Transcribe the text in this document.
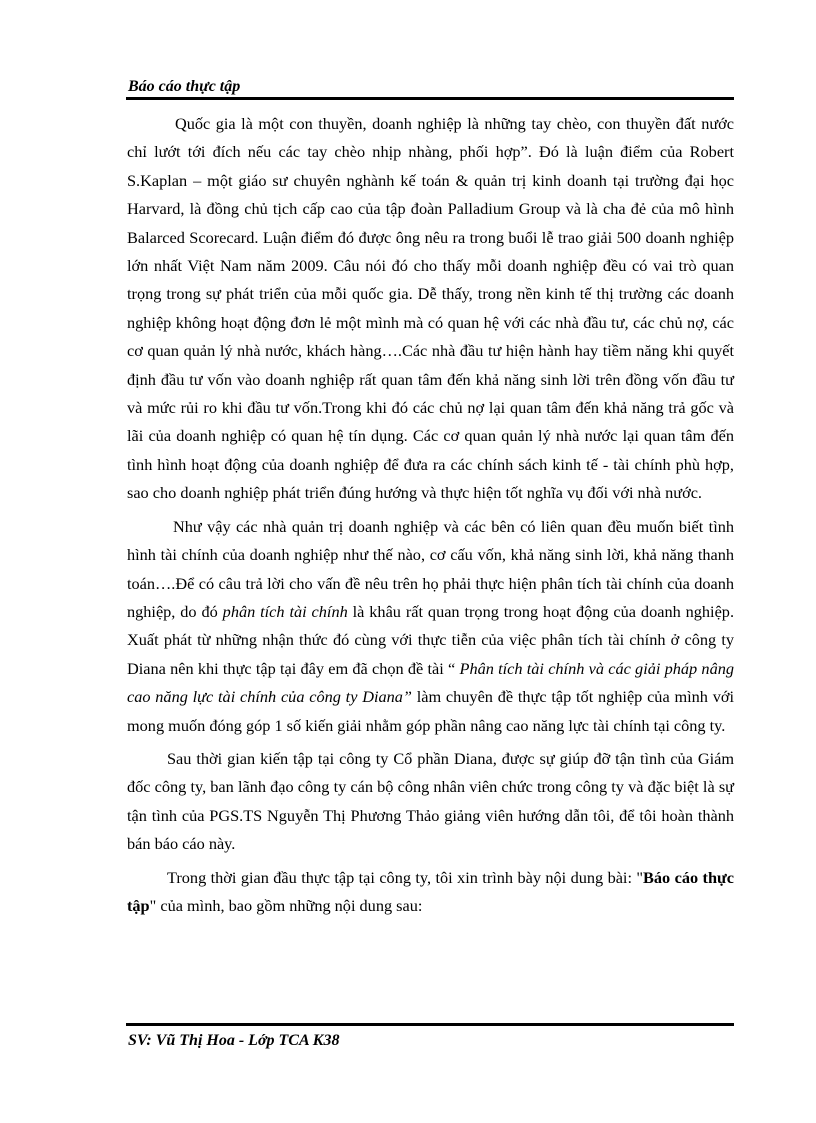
Báo cáo thực tập

Quốc gia là một con thuyền, doanh nghiệp là những tay chèo, con thuyền đất nước chỉ lướt tới đích nếu các tay chèo nhịp nhàng, phối hợp”. Đó là luận điểm của Robert S.Kaplan – một giáo sư chuyên nghành kế toán & quản trị kinh doanh tại trường đại học Harvard, là đồng chủ tịch cấp cao của tập đoàn Palladium Group và là cha đẻ của mô hình Balarced Scorecard. Luận điểm đó được ông nêu ra trong buổi lễ trao giải 500 doanh nghiệp lớn nhất Việt Nam năm 2009. Câu nói đó cho thấy mỗi doanh nghiệp đều có vai trò quan trọng trong sự phát triển của mỗi quốc gia. Dễ thấy, trong nền kinh tế thị trường các doanh nghiệp không hoạt động đơn lẻ một mình mà có quan hệ với các nhà đầu tư, các chủ nợ, các cơ quan quản lý nhà nước, khách hàng….Các nhà đầu tư hiện hành hay tiềm năng khi quyết định đầu tư vốn vào doanh nghiệp rất quan tâm đến khả năng sinh lời trên đồng vốn đầu tư và mức rủi ro khi đầu tư vốn.Trong khi đó các chủ nợ lại quan tâm đến khả năng trả gốc và lãi của doanh nghiệp có quan hệ tín dụng. Các cơ quan quản lý nhà nước lại quan tâm đến tình hình hoạt động của doanh nghiệp để đưa ra các chính sách kinh tế - tài chính phù hợp, sao cho doanh nghiệp phát triển đúng hướng và thực hiện tốt nghĩa vụ đối với nhà nước.

Như vậy các nhà quản trị doanh nghiệp và các bên có liên quan đều muốn biết tình hình tài chính của doanh nghiệp như thế nào, cơ cấu vốn, khả năng sinh lời, khả năng thanh toán….Để có câu trả lời cho vấn đề nêu trên họ phải thực hiện phân tích tài chính của doanh nghiệp, do đó phân tích tài chính là khâu rất quan trọng trong hoạt động của doanh nghiệp. Xuất phát từ những nhận thức đó cùng với thực tiễn của việc phân tích tài chính ở công ty Diana nên khi thực tập tại đây em đã chọn đề tài “ Phân tích tài chính và các giải pháp nâng cao năng lực tài chính của công ty Diana” làm chuyên đề thực tập tốt nghiệp của mình với mong muốn đóng góp 1 số kiến giải nhằm góp phần nâng cao năng lực tài chính tại công ty.

Sau thời gian kiến tập tại công ty Cổ phần Diana, được sự giúp đỡ tận tình của Giám đốc công ty, ban lãnh đạo công ty cán bộ công nhân viên chức trong công ty và đặc biệt là sự tận tình của PGS.TS Nguyễn Thị Phương Thảo giảng viên hướng dẫn tôi, để tôi hoàn thành bán báo cáo này.

Trong thời gian đầu thực tập tại công ty, tôi xin trình bày nội dung bài: "Báo cáo thực tập" của mình, bao gồm những nội dung sau:

SV: Vũ Thị Hoa - Lớp TCA K38
